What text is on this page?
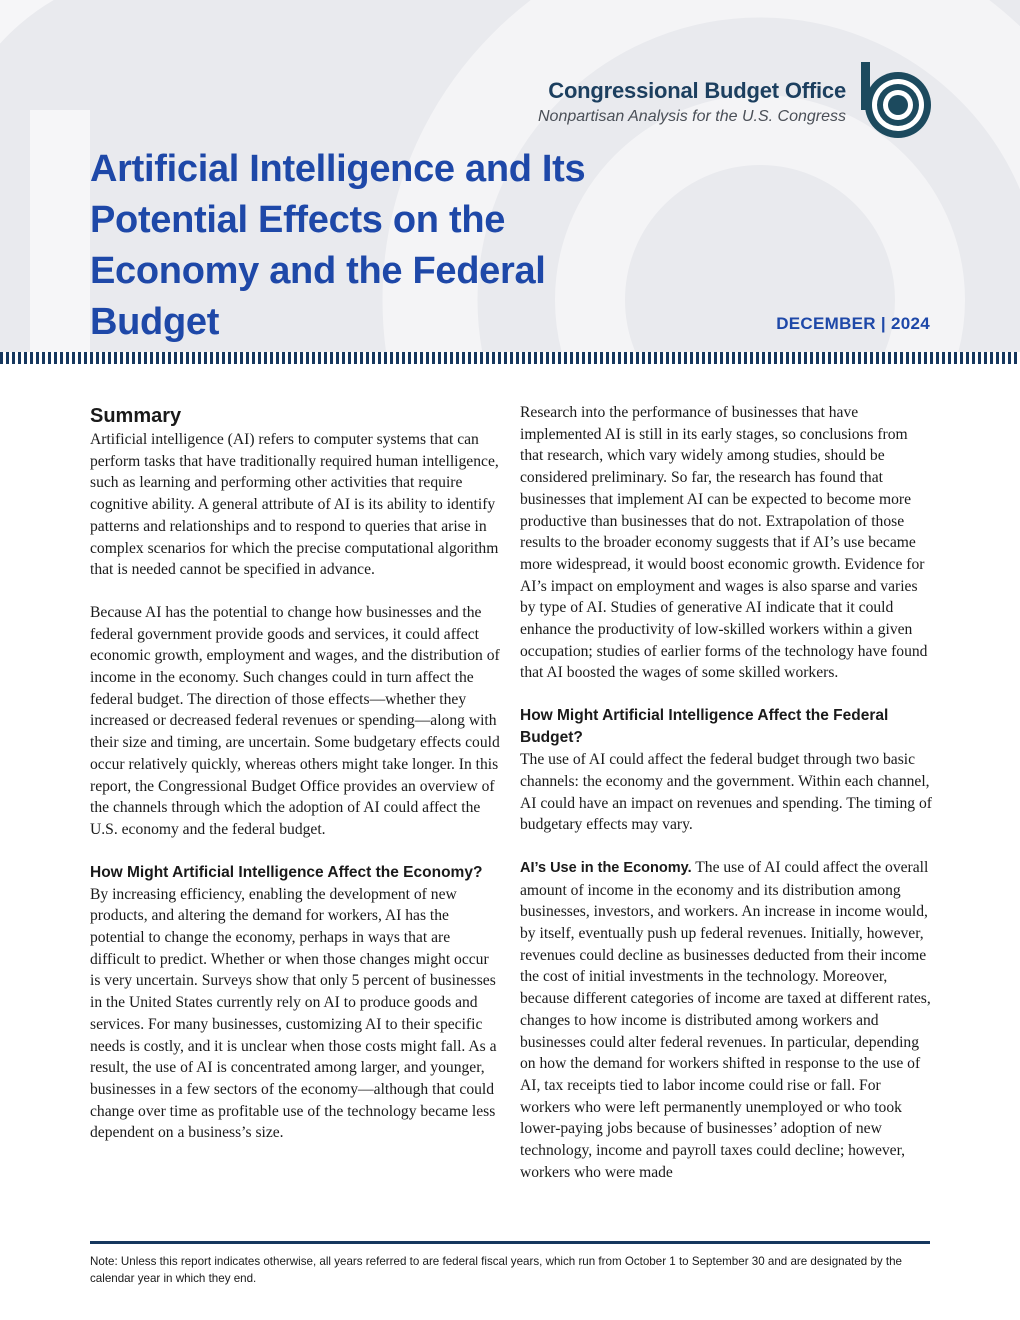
Congressional Budget Office
Nonpartisan Analysis for the U.S. Congress
Artificial Intelligence and Its Potential Effects on the Economy and the Federal Budget	DECEMBER | 2024
Summary

Artificial intelligence (AI) refers to computer systems that can perform tasks that have traditionally required human intelligence, such as learning and performing other activities that require cognitive ability. A general attribute of AI is its ability to identify patterns and relationships and to respond to queries that arise in complex scenarios for which the precise computational algorithm that is needed cannot be specified in advance.

Because AI has the potential to change how businesses and the federal government provide goods and services, it could affect economic growth, employment and wages, and the distribution of income in the economy. Such changes could in turn affect the federal budget. The direction of those effects—whether they increased or decreased federal revenues or spending—along with their size and timing, are uncertain. Some budgetary effects could occur relatively quickly, whereas others might take longer. In this report, the Congressional Budget Office provides an overview of the channels through which the adoption of AI could affect the U.S. economy and the federal budget.

How Might Artificial Intelligence Affect the Economy?

By increasing efficiency, enabling the development of new products, and altering the demand for workers, AI has the potential to change the economy, perhaps in ways that are difficult to predict. Whether or when those changes might occur is very uncertain. Surveys show that only 5 percent of businesses in the United States currently rely on AI to produce goods and services. For many businesses, customizing AI to their specific needs is costly, and it is unclear when those costs might fall. As a result, the use of AI is concentrated among larger, and younger, businesses in a few sectors of the economy—although that could change over time as profitable use of the technology became less dependent on a business’s size.

Research into the performance of businesses that have implemented AI is still in its early stages, so conclusions from that research, which vary widely among studies, should be considered preliminary. So far, the research has found that businesses that implement AI can be expected to become more productive than businesses that do not. Extrapolation of those results to the broader economy suggests that if AI’s use became more widespread, it would boost economic growth. Evidence for AI’s impact on employment and wages is also sparse and varies by type of AI. Studies of generative AI indicate that it could enhance the productivity of low-skilled workers within a given occupation; studies of earlier forms of the technology have found that AI boosted the wages of some skilled workers.

How Might Artificial Intelligence Affect the Federal Budget?

The use of AI could affect the federal budget through two basic channels: the economy and the government. Within each channel, AI could have an impact on revenues and spending. The timing of budgetary effects may vary.

AI’s Use in the Economy. The use of AI could affect the overall amount of income in the economy and its distribution among businesses, investors, and workers. An increase in income would, by itself, eventually push up federal revenues. Initially, however, revenues could decline as businesses deducted from their income the cost of initial investments in the technology. Moreover, because different categories of income are taxed at different rates, changes to how income is distributed among workers and businesses could alter federal revenues. In particular, depending on how the demand for workers shifted in response to the use of AI, tax receipts tied to labor income could rise or fall. For workers who were left permanently unemployed or who took lower-paying jobs because of businesses’ adoption of new technology, income and payroll taxes could decline; however, workers who were made

Note: Unless this report indicates otherwise, all years referred to are federal fiscal years, which run from October 1 to September 30 and are designated by the calendar year in which they end.
